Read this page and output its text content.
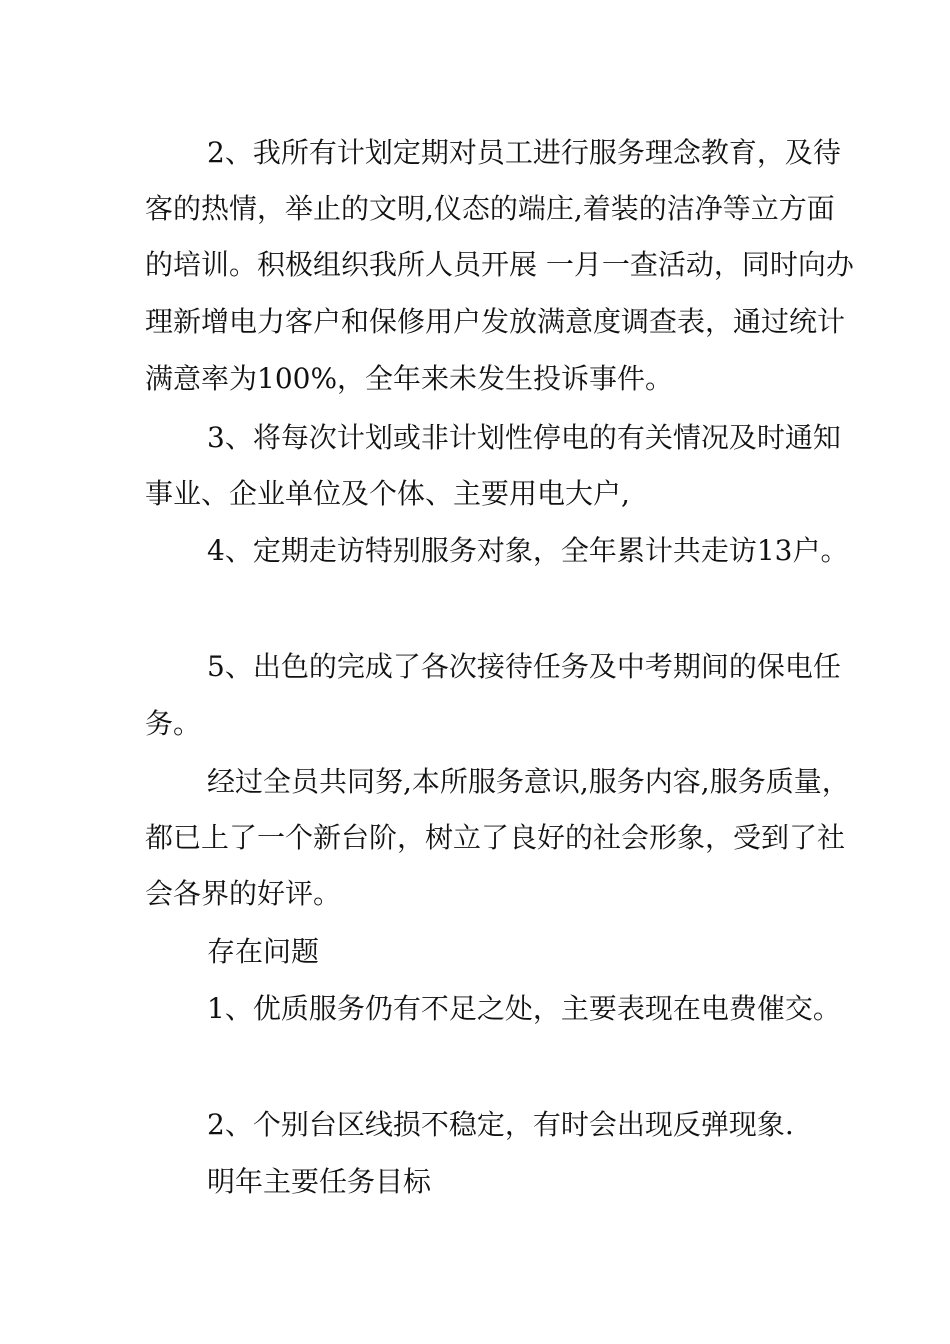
2、我所有计划定期对员工进行服务理念教育，及待
客的热情，举止的文明,仪态的端庄,着装的洁净等立方面
的培训。积极组织我所人员开展 一月一查活动，同时向办
理新增电力客户和保修用户发放满意度调查表，通过统计
满意率为100%，全年来未发生投诉事件。
3、将每次计划或非计划性停电的有关情况及时通知
事业、企业单位及个体、主要用电大户,
4、定期走访特别服务对象，全年累计共走访13户。
5、出色的完成了各次接待任务及中考期间的保电任
务。
经过全员共同努,本所服务意识,服务内容,服务质量，
都已上了一个新台阶，树立了良好的社会形象，受到了社
会各界的好评。
存在问题
1、优质服务仍有不足之处，主要表现在电费催交。
2、个别台区线损不稳定，有时会出现反弹现象.
明年主要任务目标
